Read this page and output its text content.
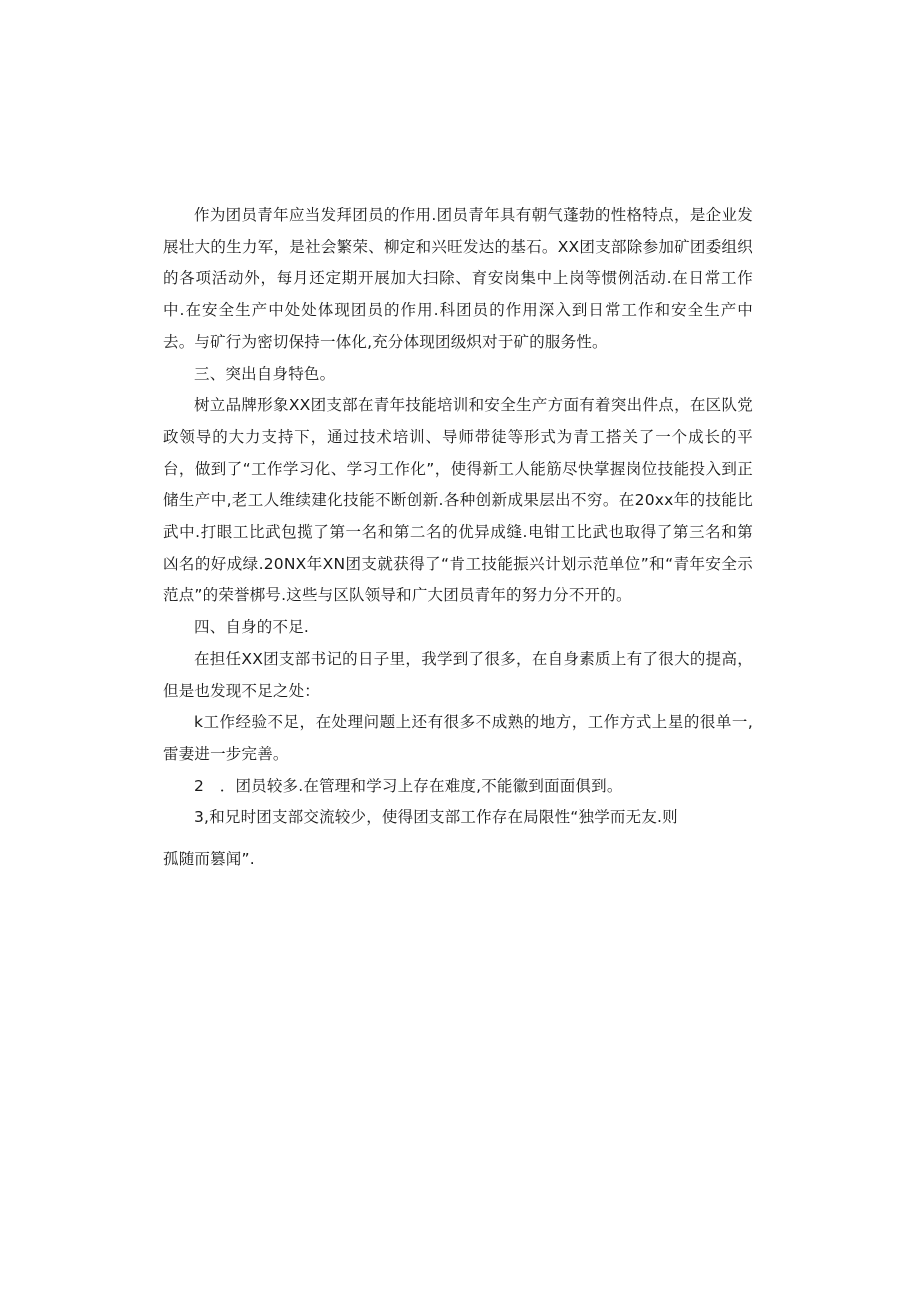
作为团员青年应当发拜团员的作用.团员青年具有朝气蓬勃的性格特点，是企业发展壮大的生力军，是社会繁荣、柳定和兴旺发达的基石。XX团支部除参加矿团委组织的各项活动外，每月还定期开展加大扫除、育安岗集中上岗等惯例活动.在日常工作中.在安全生产中处处体现团员的作用.科团员的作用深入到日常工作和安全生产中去。与矿行为密切保持一体化,充分体现团级炽对于矿的服务性。

三、突出自身特色。

树立品牌形象XX团支部在青年技能培训和安全生产方面有着突出件点，在区队党政领导的大力支持下，通过技术培训、导师带徒等形式为青工搭关了一个成长的平台，做到了“工作学习化、学习工作化”，使得新工人能筋尽快掌握岗位技能投入到正储生产中,老工人维续建化技能不断创新.各种创新成果层出不穷。在20xx年的技能比武中.打眼工比武包揽了第一名和第二名的优异成缝.电钳工比武也取得了第三名和第凶名的好成绿.20NX年XN团支就获得了“肯工技能振兴计划示范单位”和“青年安全示范点”的荣誉梆号.这些与区队领导和广大团员青年的努力分不开的。

四、自身的不足.

在担任XX团支部书记的日子里，我学到了很多，在自身素质上有了很大的提高，但是也发现不足之处：

k工作经验不足，在处理问题上还有很多不成熟的地方，工作方式上星的很单一,雷妻进一步完善。

2　．团员较多.在管理和学习上存在难度,不能徽到面面俱到。

3,和兄时团支部交流较少，使得团支部工作存在局限性“独学而无友.则

孤随而篡闻”.
